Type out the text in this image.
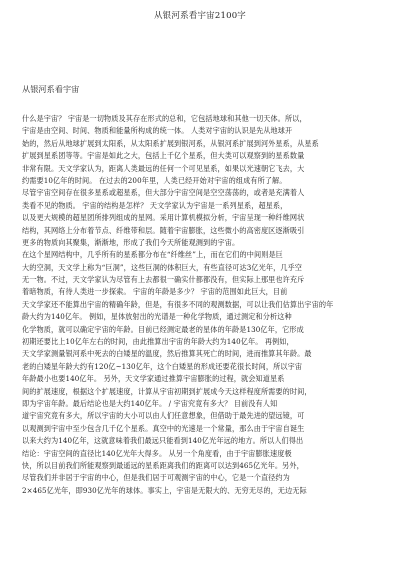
从银河系看宇宙2100字
从银河系看宇宙
什么是宇宙？ 宇宙是一切物质及其存在形式的总和，它包括地球和其他一切天体。所以，
宇宙是由空间、时间、物质和能量所构成的统一体。 人类对宇宙的认识是先从地球开
始的，然后从地球扩展到太阳系，从太阳系扩展到银河系，从银河系扩展到河外星系，从星系
扩展到星系团等等。宇宙是如此之大，包括上千亿个星系，但大类可以观察到的星系数量
非常有限。天文学家认为，距离人类最远的任何一个可见星系，如果以光速朝它飞去，大
约需要10亿年的时间。 在过去的200年里，人类已经开始对宇宙的组成有所了解。
尽管宇宙空间存在很多星系或超星系，但大部分宇宙空间是空空荡荡的，或者是充满着人
类看不见的物质。 宇宙的结构是怎样？ 天文学家认为宇宙是一系列星系，超星系，
以及更大规模的超星团所排列组成的星网。采用计算机模拟分析，宇宙呈现一种纤维网状
结构，其网络上分布着节点、纤维带和层。随着宇宙膨胀，这些微小的高密度区逐渐吸引
更多的物质向其聚集，渐渐地，形成了我们今天所能观测到的宇宙。
在这个星网结构中，几乎所有的星系都分布在“纤维丝”上，而在它们的中间则是巨
大的空洞，天文学上称为“巨洞”，这些巨洞的体积巨大，有些直径可达3亿光年，几乎空
无一物。不过，天文学家认为尽管有上去都很一确实什都都没有，但实际上那里也许充斥
着暗物质，有待人类进一步探索。 宇宙的年龄是多少？ 宇宙的范围如此巨大，目前
天文学家还不能算出宇宙的精确年龄，但是，有很多不同的观测数据，可以让我们估算出宇宙的年
龄大约为140亿年。 例如，星体放射出的光谱是一种化学物质，通过测定和分析这种
化学物质，就可以确定宇宙的年龄。目前已经测定最老的星体的年龄是130亿年，它形成
初期还要比上10亿年左右的时间，由此推算出宇宙的年龄大约为140亿年。 再例如，
天文学家测量银河系中死去的白矮星的温度，然后推算其死亡的时间，进而推算其年龄。最
老的白矮星年龄大约有120亿~130亿年，这个白矮星的形成还要花很长时间，所以宇宙
年龄最小也要140亿年。 另外，天文学家通过推算宇宙膨胀的过程，就会知道星系
间的扩展速度，根据这个扩展速度，计算从宇宙初期到扩展成今天这样程度所需要的时间，
即为宇宙年龄。最后结论也是大约140亿年。 / 宇宙究竟有多大？ 目前没有人知
道宇宙究竟有多大，所以宇宙的大小可以由人们任意想象，但借助于最先进的望远镜，可
以观测到宇宙中至少包含几千亿个星系。真空中的光速是一个常量，那么由于宇宙自诞生
以来大约为140亿年，这就意味着我们最远只能看到140亿光年远的地方。所以人们得出
结论：宇宙空间的直径比140亿光年大得多。 从另一个角度看，由于宇宙膨胀速度极
快，所以目前我们所能观察到最遥远的星系距离我们的距离可以达到465亿光年。另外，
尽管我们并非居于宇宙的中心，但是我们居于可观测宇宙的中心，它是一个直径约为
2×465亿光年，即930亿光年的球体。事实上，宇宙是无限大的、无穷无尽的，无边无际
